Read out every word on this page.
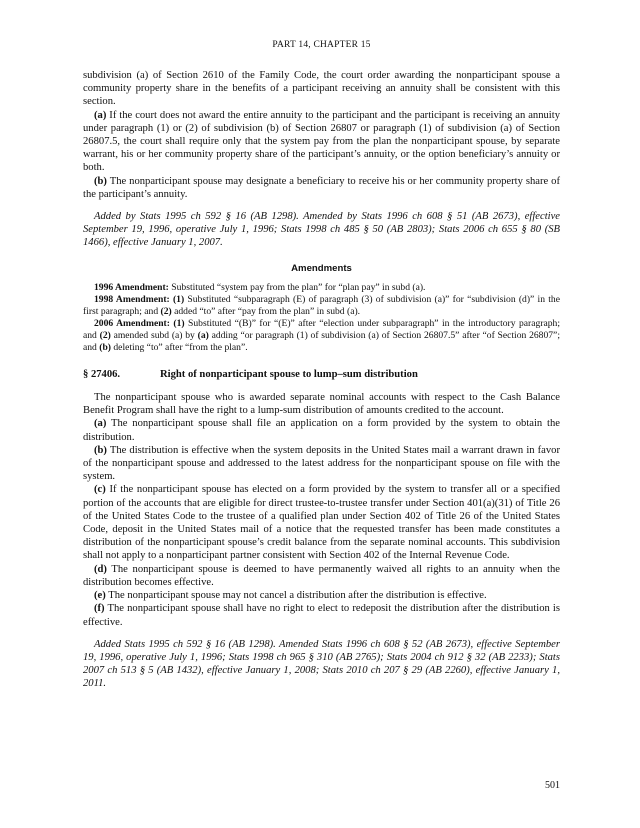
PART 14, CHAPTER 15

subdivision (a) of Section 2610 of the Family Code, the court order awarding the nonparticipant spouse a community property share in the benefits of a participant receiving an annuity shall be consistent with this section.

(a) If the court does not award the entire annuity to the participant and the participant is receiving an annuity under paragraph (1) or (2) of subdivision (b) of Section 26807 or paragraph (1) of subdivision (a) of Section 26807.5, the court shall require only that the system pay from the plan the nonparticipant spouse, by separate warrant, his or her community property share of the participant’s annuity, or the option beneficiary’s annuity or both.

(b) The nonparticipant spouse may designate a beneficiary to receive his or her community property share of the participant’s annuity.

Added by Stats 1995 ch 592 § 16 (AB 1298). Amended by Stats 1996 ch 608 § 51 (AB 2673), effective September 19, 1996, operative July 1, 1996; Stats 1998 ch 485 § 50 (AB 2803); Stats 2006 ch 655 § 80 (SB 1466), effective January 1, 2007.

Amendments

1996 Amendment: Substituted “system pay from the plan” for “plan pay” in subd (a).

1998 Amendment: (1) Substituted “subparagraph (E) of paragraph (3) of subdivision (a)” for “subdivision (d)” in the first paragraph; and (2) added “to” after “pay from the plan” in subd (a).

2006 Amendment: (1) Substituted “(B)” for “(E)” after “election under subparagraph” in the introductory paragraph; and (2) amended subd (a) by (a) adding “or paragraph (1) of subdivision (a) of Section 26807.5” after “of Section 26807”; and (b) deleting “to” after “from the plan”.

§ 27406.	Right of nonparticipant spouse to lump–sum distribution

The nonparticipant spouse who is awarded separate nominal accounts with respect to the Cash Balance Benefit Program shall have the right to a lump-sum distribution of amounts credited to the account.

(a) The nonparticipant spouse shall file an application on a form provided by the system to obtain the distribution.

(b) The distribution is effective when the system deposits in the United States mail a warrant drawn in favor of the nonparticipant spouse and addressed to the latest address for the nonparticipant spouse on file with the system.

(c) If the nonparticipant spouse has elected on a form provided by the system to transfer all or a specified portion of the accounts that are eligible for direct trustee-to-trustee transfer under Section 401(a)(31) of Title 26 of the United States Code to the trustee of a qualified plan under Section 402 of Title 26 of the United States Code, deposit in the United States mail of a notice that the requested transfer has been made constitutes a distribution of the nonparticipant spouse’s credit balance from the separate nominal accounts. This subdivision shall not apply to a nonparticipant partner consistent with Section 402 of the Internal Revenue Code.

(d) The nonparticipant spouse is deemed to have permanently waived all rights to an annuity when the distribution becomes effective.

(e) The nonparticipant spouse may not cancel a distribution after the distribution is effective.

(f) The nonparticipant spouse shall have no right to elect to redeposit the distribution after the distribution is effective.

Added Stats 1995 ch 592 § 16 (AB 1298). Amended Stats 1996 ch 608 § 52 (AB 2673), effective September 19, 1996, operative July 1, 1996; Stats 1998 ch 965 § 310 (AB 2765); Stats 2004 ch 912 § 32 (AB 2233); Stats 2007 ch 513 § 5 (AB 1432), effective January 1, 2008; Stats 2010 ch 207 § 29 (AB 2260), effective January 1, 2011.

501
